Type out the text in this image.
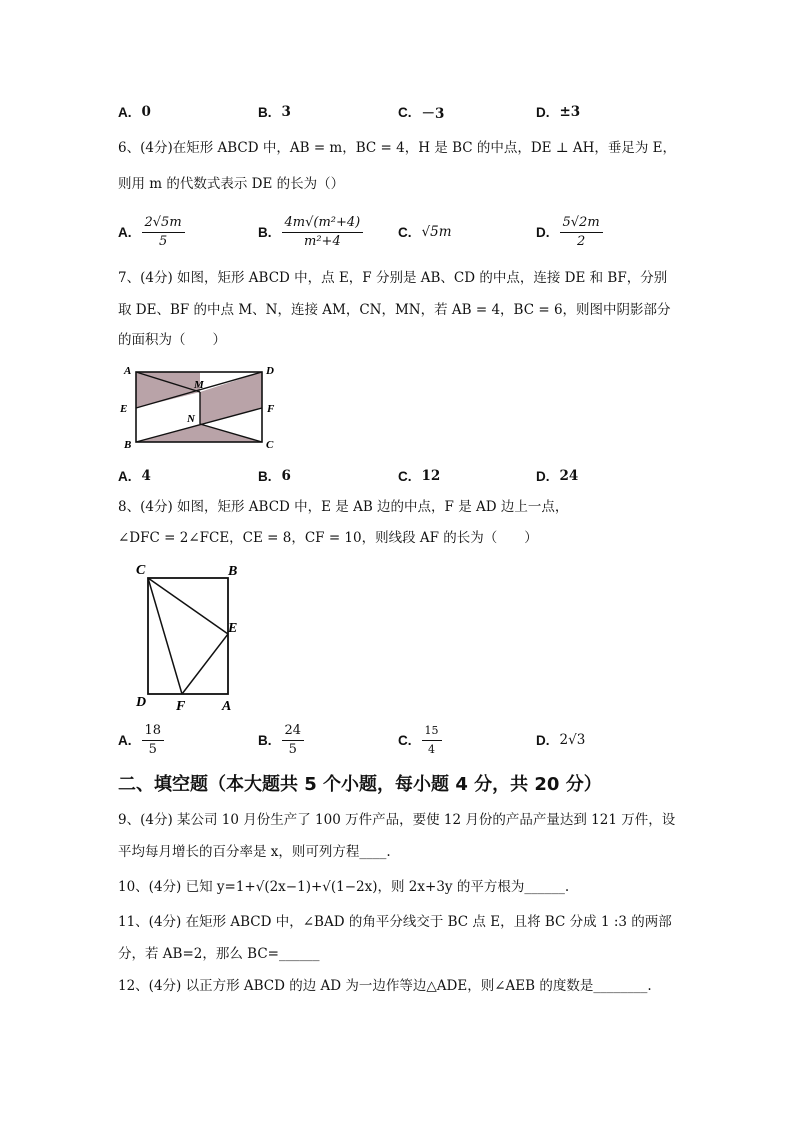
A. 0	B. 3	C. －3	D. ±3
6、(4分)在矩形 ABCD 中，AB = m，BC = 4，H 是 BC 的中点，DE ⊥ AH，垂足为 E，
则用 m 的代数式表示 DE 的长为（）
A. $\frac{2√5m}{5}$	B. $\frac{\text{4m√(m²+4)}}{\text{m²+4}}$	C. √5m	D. $\frac{5√2m}{2}$
7、(4分) 如图，矩形 ABCD 中，点 E，F 分别是 AB、CD 的中点，连接 DE 和 BF，分别
取 DE、BF 的中点 M、N，连接 AM，CN，MN，若 AB = 4，BC = 6，则图中阴影部分
的面积为（　　）
A	D
E	F
B	C
M
N
A. 4	B. 6	C. 12	D. 24
8、(4分) 如图，矩形 ABCD 中，E 是 AB 边的中点，F 是 AD 边上一点，
∠DFC = 2∠FCE，CE = 8，CF = 10，则线段 AF 的长为（　　）
C	B
E
D F	A
A. $\frac{18}{5}$	B. $\frac{24}{5}$	C. $\frac{15}{4}$	D. 2√3
二、填空题（本大题共 5 个小题，每小题 4 分，共 20 分）
9、(4分) 某公司 10 月份生产了 100 万件产品，要使 12 月份的产品产量达到 121 万件，设
平均每月增长的百分率是 x，则可列方程____.
10、(4分) 已知 y=1+√(2x−1)+√(1−2x)，则 2x+3y 的平方根为______.
11、(4分) 在矩形 ABCD 中，∠BAD 的角平分线交于 BC 点 E，且将 BC 分成 1 :3 的两部
分，若 AB=2，那么 BC=______
12、(4分) 以正方形 ABCD 的边 AD 为一边作等边△ADE，则∠AEB 的度数是________.
